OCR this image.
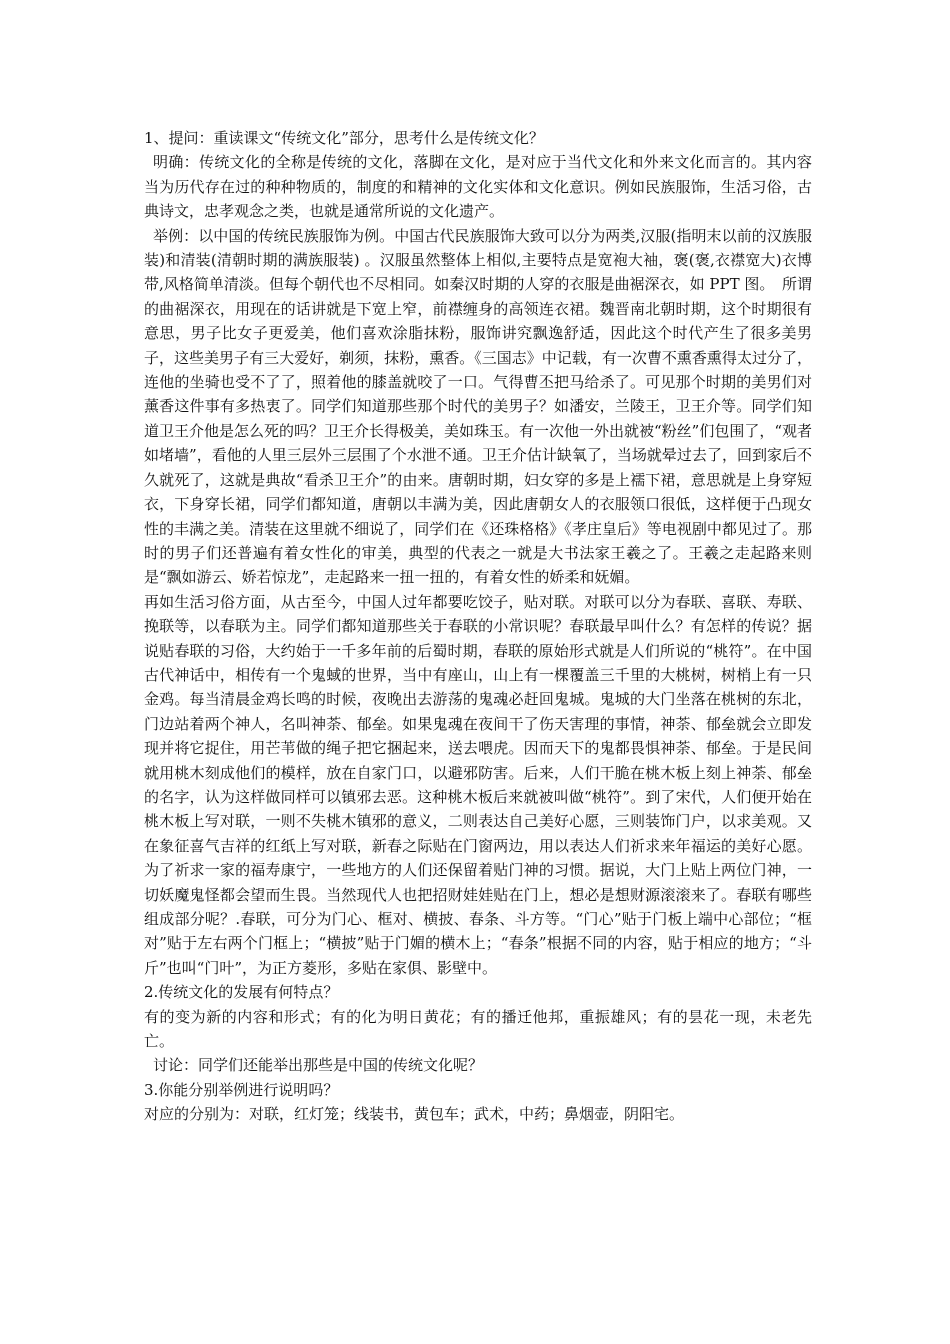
1、提问：重读课文“传统文化”部分，思考什么是传统文化？

明确：传统文化的全称是传统的文化，落脚在文化，是对应于当代文化和外来文化而言的。其内容当为历代存在过的种种物质的，制度的和精神的文化实体和文化意识。例如民族服饰，生活习俗，古典诗文，忠孝观念之类，也就是通常所说的文化遗产。

举例：以中国的传统民族服饰为例。中国古代民族服饰大致可以分为两类,汉服(指明末以前的汉族服装)和清装(清朝时期的满族服装) 。汉服虽然整体上相似,主要特点是宽袍大袖，褒(褒,衣襟宽大)衣博带,风格简单清淡。但每个朝代也不尽相同。如秦汉时期的人穿的衣服是曲裾深衣，如 PPT 图。　所谓的曲裾深衣，用现在的话讲就是下宽上窄，前襟缠身的高领连衣裙。魏晋南北朝时期，这个时期很有意思，男子比女子更爱美，他们喜欢涂脂抹粉，服饰讲究飘逸舒适，因此这个时代产生了很多美男子，这些美男子有三大爱好，剃须，抹粉，熏香。《三国志》中记载，有一次曹不熏香熏得太过分了，连他的坐骑也受不了了，照着他的膝盖就咬了一口。气得曹丕把马给杀了。可见那个时期的美男们对薰香这件事有多热衷了。同学们知道那些那个时代的美男子？如潘安，兰陵王，卫王介等。同学们知道卫王介他是怎么死的吗？卫王介长得极美，美如珠玉。有一次他一外出就被“粉丝”们包围了，“观者如堵墙”，看他的人里三层外三层围了个水泄不通。卫王介估计缺氧了，当场就晕过去了，回到家后不久就死了，这就是典故“看杀卫王介”的由来。唐朝时期，妇女穿的多是上襦下裙，意思就是上身穿短衣，下身穿长裙，同学们都知道，唐朝以丰满为美，因此唐朝女人的衣服领口很低，这样便于凸现女性的丰满之美。清装在这里就不细说了，同学们在《还珠格格》《孝庄皇后》等电视剧中都见过了。那时的男子们还普遍有着女性化的审美，典型的代表之一就是大书法家王羲之了。王羲之走起路来则是“飘如游云、娇若惊龙”，走起路来一扭一扭的，有着女性的娇柔和妩媚。

再如生活习俗方面，从古至今，中国人过年都要吃饺子，贴对联。对联可以分为春联、喜联、寿联、挽联等，以春联为主。同学们都知道那些关于春联的小常识呢？春联最早叫什么？有怎样的传说？据说贴春联的习俗，大约始于一千多年前的后蜀时期，春联的原始形式就是人们所说的“桃符”。在中国古代神话中，相传有一个鬼蜮的世界，当中有座山，山上有一棵覆盖三千里的大桃树，树梢上有一只金鸡。每当清晨金鸡长鸣的时候，夜晚出去游荡的鬼魂必赶回鬼城。鬼城的大门坐落在桃树的东北，门边站着两个神人，名叫神荼、郁垒。如果鬼魂在夜间干了伤天害理的事情，神荼、郁垒就会立即发现并将它捉住，用芒苇做的绳子把它捆起来，送去喂虎。因而天下的鬼都畏惧神荼、郁垒。于是民间就用桃木刻成他们的模样，放在自家门口，以避邪防害。后来，人们干脆在桃木板上刻上神荼、郁垒的名字，认为这样做同样可以镇邪去恶。这种桃木板后来就被叫做“桃符”。到了宋代，人们便开始在桃木板上写对联，一则不失桃木镇邪的意义，二则表达自己美好心愿，三则装饰门户，以求美观。又在象征喜气吉祥的红纸上写对联，新春之际贴在门窗两边，用以表达人们祈求来年福运的美好心愿。为了祈求一家的福寿康宁，一些地方的人们还保留着贴门神的习惯。据说，大门上贴上两位门神，一切妖魔鬼怪都会望而生畏。当然现代人也把招财娃娃贴在门上，想必是想财源滚滚来了。春联有哪些组成部分呢？.春联，可分为门心、框对、横披、春条、斗方等。“门心”贴于门板上端中心部位；“框对”贴于左右两个门框上；“横披”贴于门媚的横木上；“春条”根据不同的内容，贴于相应的地方；“斗斤”也叫“门叶”，为正方菱形，多贴在家俱、影壁中。

2.传统文化的发展有何特点？

有的变为新的内容和形式；有的化为明日黄花；有的播迁他邦，重振雄风；有的昙花一现，未老先亡。

讨论：同学们还能举出那些是中国的传统文化呢？

3.你能分别举例进行说明吗？

对应的分别为：对联，红灯笼；线装书，黄包车；武术，中药；鼻烟壶，阴阳宅。
